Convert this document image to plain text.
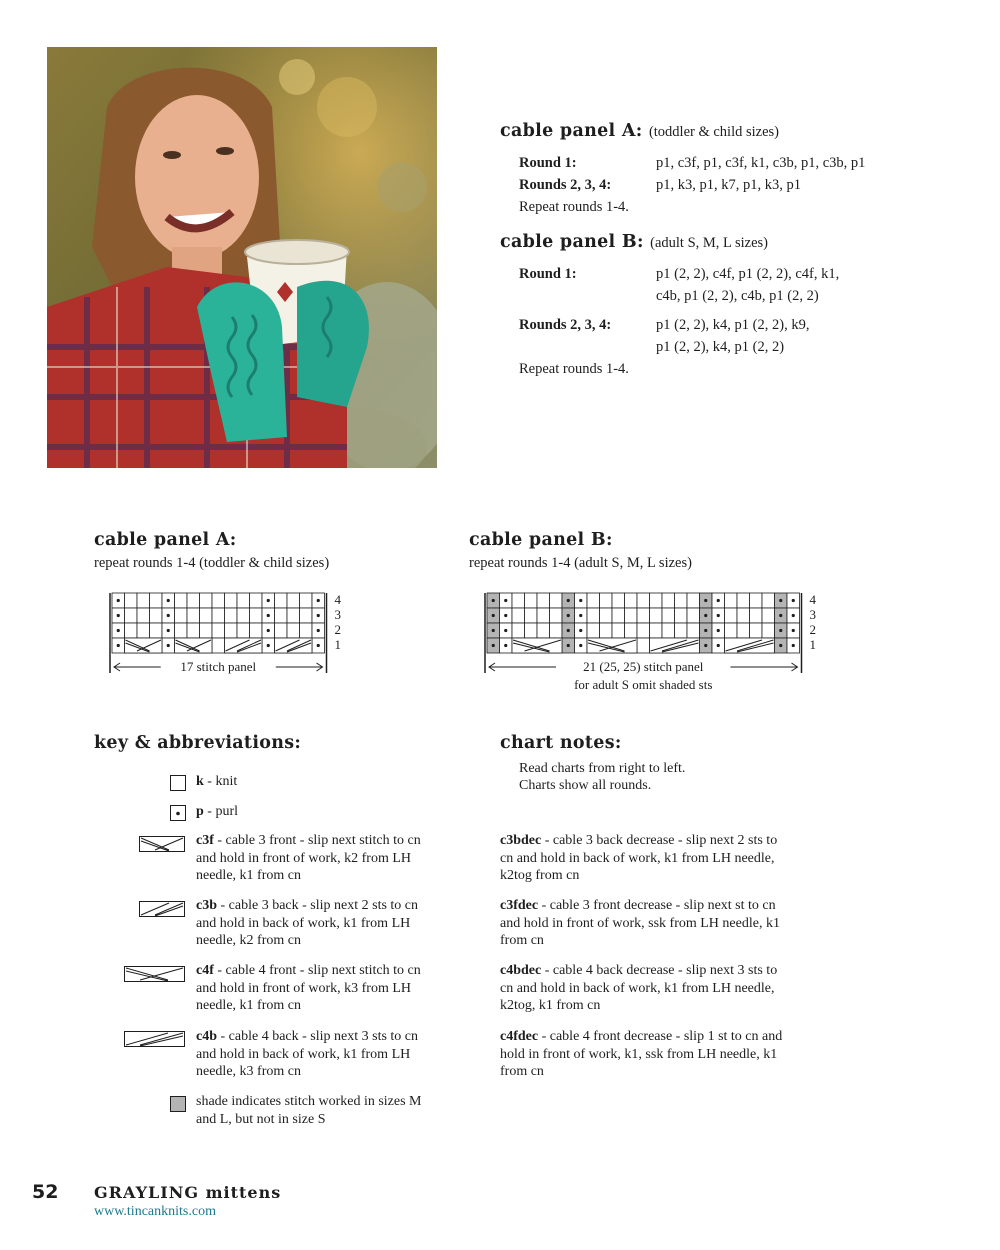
cable panel A: (toddler & child sizes)
Round 1:	p1, c3f, p1, c3f, k1, c3b, p1, c3b, p1
Rounds 2, 3, 4:	p1, k3, p1, k7, p1, k3, p1
Repeat rounds 1-4.
cable panel B: (adult S, M, L sizes)
Round 1:	p1 (2, 2), c4f, p1 (2, 2), c4f, k1,
c4b, p1 (2, 2), c4b, p1 (2, 2)
Rounds 2, 3, 4:	p1 (2, 2), k4, p1 (2, 2), k9,
p1 (2, 2), k4, p1 (2, 2)
Repeat rounds 1-4.
cable panel A:
repeat rounds 1-4 (toddler & child sizes)
4
3
2
1
17 stitch panel
cable panel B:
repeat rounds 1-4 (adult S, M, L sizes)
4
3
2
1
21 (25, 25) stitch panel
for adult S omit shaded sts
key & abbreviations:
k - knit
p - purl
c3f - cable 3 front - slip next stitch to cn and hold in front of work, k2 from LH needle, k1 from cn
c3b - cable 3 back - slip next 2 sts to cn and hold in back of work, k1 from LH needle, k2 from cn
c4f - cable 4 front - slip next stitch to cn and hold in front of work, k3 from LH needle, k1 from cn
c4b - cable 4 back - slip next 3 sts to cn and hold in back of work, k1 from LH needle, k3 from cn
shade indicates stitch worked in sizes M and L, but not in size S
chart notes:
Read charts from right to left.
Charts show all rounds.
c3bdec - cable 3 back decrease - slip next 2 sts to cn and hold in back of work, k1 from LH needle, k2tog from cn
c3fdec - cable 3 front decrease - slip next st to cn and hold in front of work, ssk from LH needle, k1 from cn
c4bdec - cable 4 back decrease - slip next 3 sts to cn and hold in back of work, k1 from LH needle, k2tog, k1 from cn
c4fdec - cable 4 front decrease - slip 1 st to cn and hold in front of work, k1, ssk from LH needle, k1 from cn
52 GRAYLING mittens
www.tincanknits.com
